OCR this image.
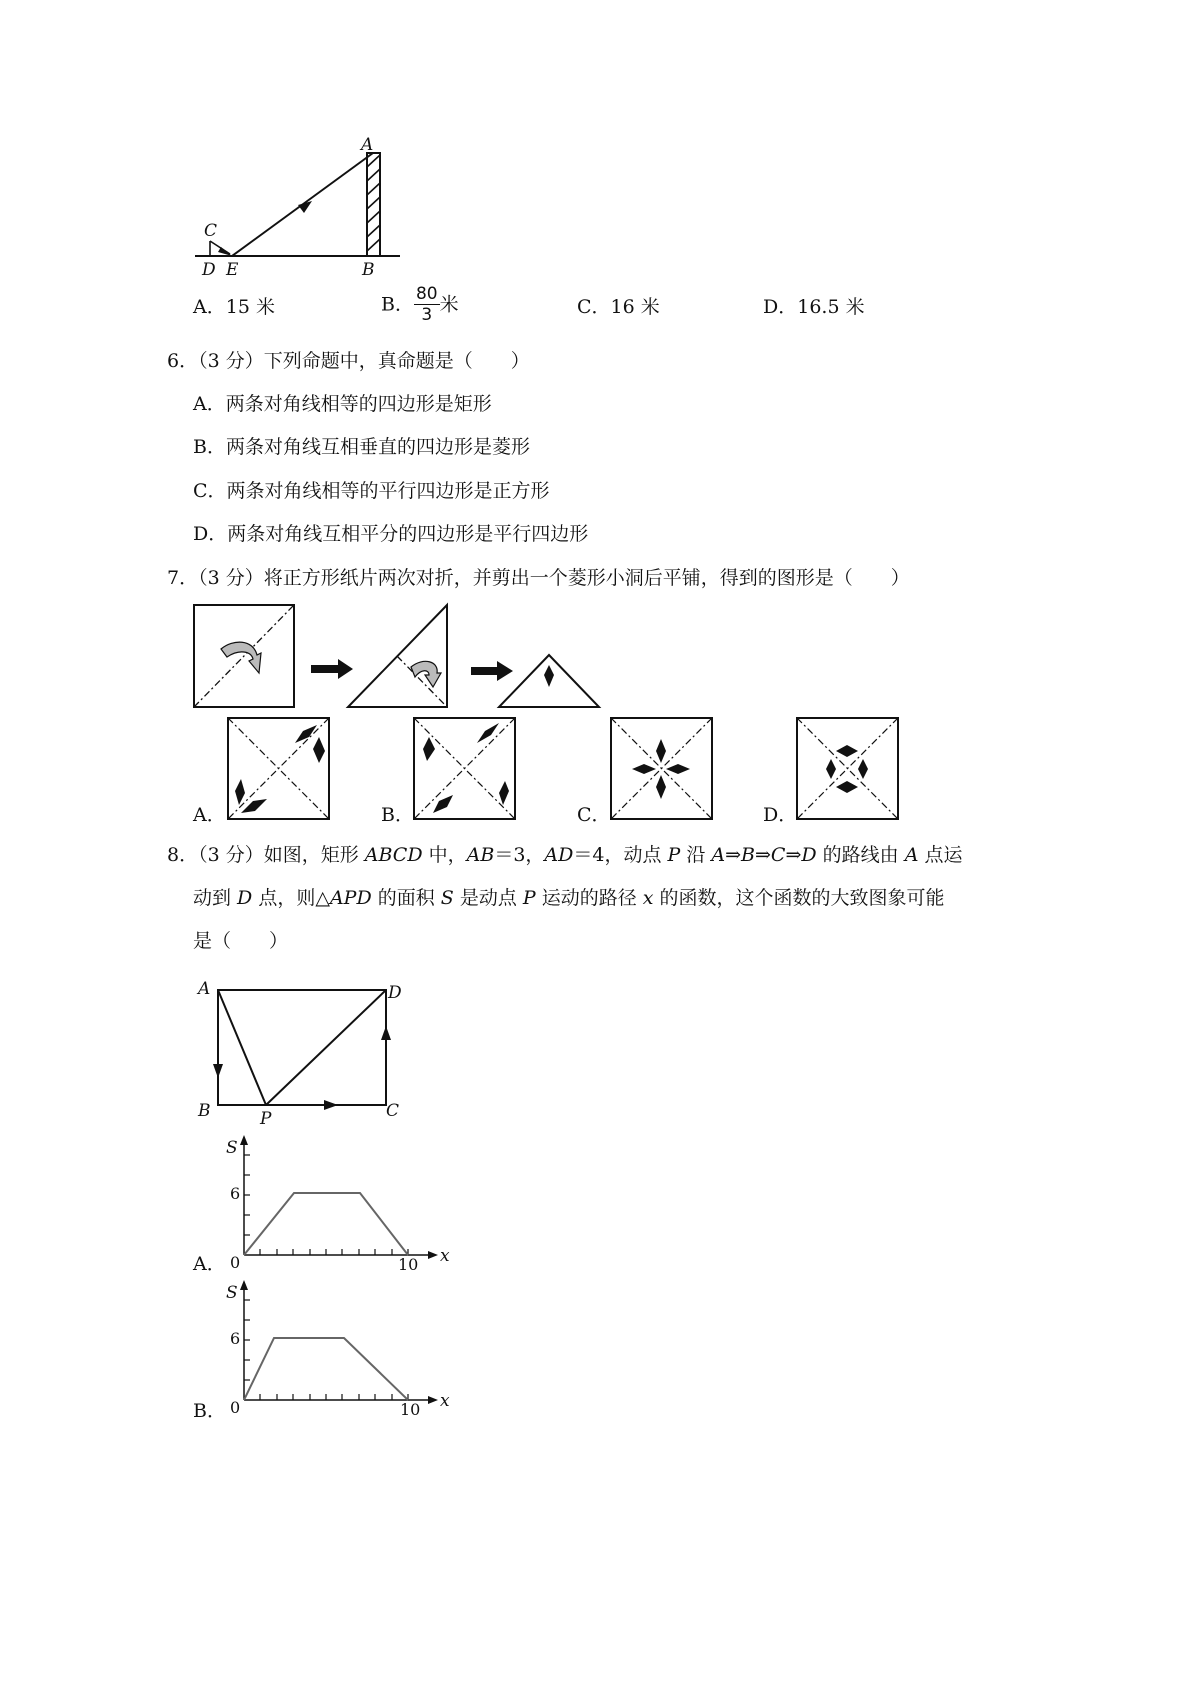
A
C
D E	B
A．15 米	B． $\frac{80}{3}$ 米	C．16 米	D．16.5 米
6．（3 分）下列命题中，真命题是（　　）
A．两条对角线相等的四边形是矩形
B．两条对角线互相垂直的四边形是菱形
C．两条对角线相等的平行四边形是正方形
D．两条对角线互相平分的四边形是平行四边形
7．（3 分）将正方形纸片两次对折，并剪出一个菱形小洞后平铺，得到的图形是（　　）
A．	B．	C．	D．
8．（3 分）如图，矩形 ABCD 中，AB＝3，AD＝4，动点 P 沿 A⇒B⇒C⇒D 的路线由 A 点运
动到 D 点，则△APD 的面积 S 是动点 P 运动的路径 x 的函数，这个函数的大致图象可能
是（　　）
A	D
B	P	C
S
6
0	10 x
A．
S
6
0	10 x
B．
